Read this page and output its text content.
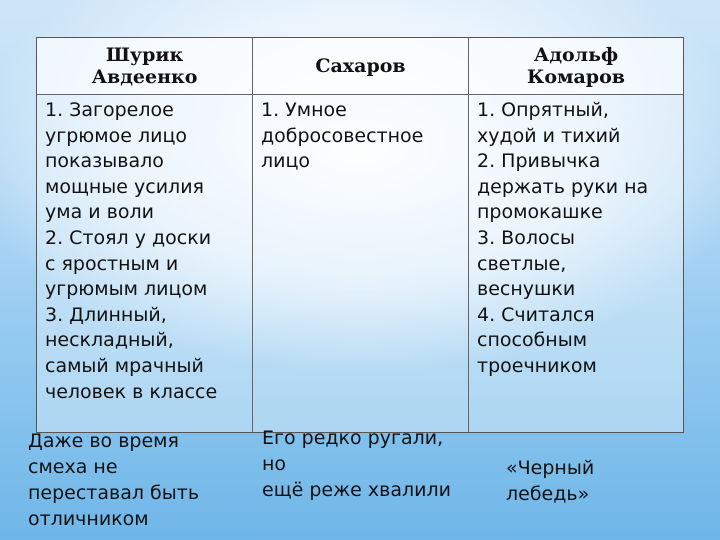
Шурик
Авдеенко	Сахаров	Адольф
Комаров
1. Загорелое
угрюмое лицо
показывало
мощные усилия
ума и воли
2. Стоял у доски
с яростным и
угрюмым лицом
3. Длинный,
нескладный,
самый мрачный
человек в классе
1. Умное
добросовестное
лицо
1. Опрятный,
худой и тихий
2. Привычка
держать руки на
промокашке
3. Волосы
светлые,
веснушки
4. Считался
способным
троечником
Даже во время
смеха не
переставал быть
отличником
Его редко ругали,
но
ещё реже хвалили
«Черный
лебедь»
